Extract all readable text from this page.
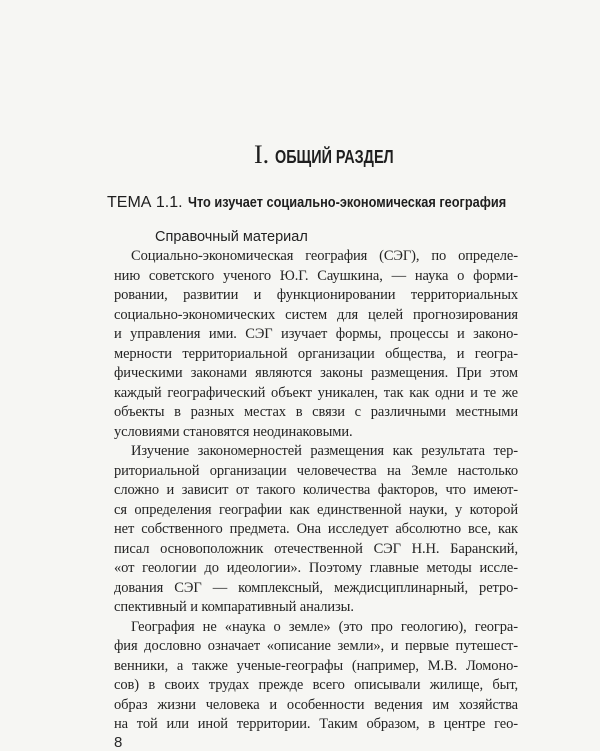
I. ОБЩИЙ РАЗДЕЛ
ТЕМА 1.1. Что изучает социально-экономическая география
Справочный материал
Социально-экономическая география (СЭГ), по определе-
нию советского ученого Ю.Г. Саушкина, — наука о форми-
ровании, развитии и функционировании территориальных
социально-экономических систем для целей прогнозирования
и управления ими. СЭГ изучает формы, процессы и законо-
мерности территориальной организации общества, и геогра-
фическими законами являются законы размещения. При этом
каждый географический объект уникален, так как одни и те же
объекты в разных местах в связи с различными местными
условиями становятся неодинаковыми.
Изучение закономерностей размещения как результата тер-
риториальной организации человечества на Земле настолько
сложно и зависит от такого количества факторов, что имеют-
ся определения географии как единственной науки, у которой
нет собственного предмета. Она исследует абсолютно все, как
писал основоположник отечественной СЭГ Н.Н. Баранский,
«от геологии до идеологии». Поэтому главные методы иссле-
дования СЭГ — комплексный, междисциплинарный, ретро-
спективный и компаративный анализы.
География не «наука о земле» (это про геологию), геогра-
фия дословно означает «описание земли», и первые путешест-
венники, а также ученые-географы (например, М.В. Ломоно-
сов) в своих трудах прежде всего описывали жилище, быт,
образ жизни человека и особенности ведения им хозяйства
на той или иной территории. Таким образом, в центре гео-
8
